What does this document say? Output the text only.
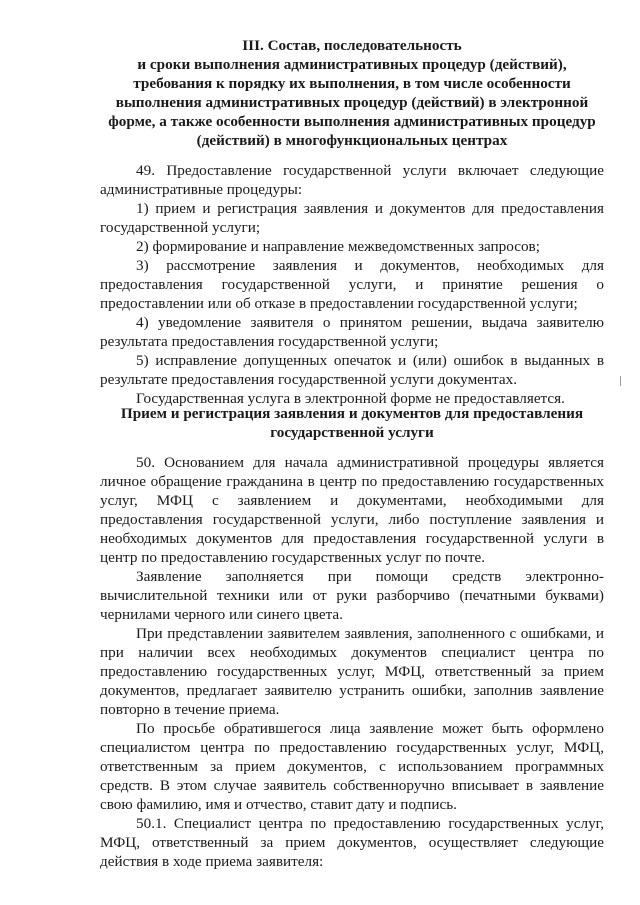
III. Состав, последовательность
и сроки выполнения административных процедур (действий),
требования к порядку их выполнения, в том числе особенности
выполнения административных процедур (действий) в электронной
форме, а также особенности выполнения административных процедур
(действий) в многофункциональных центрах

49. Предоставление государственной услуги включает следующие административные процедуры:

1) прием и регистрация заявления и документов для предоставления государственной услуги;

2) формирование и направление межведомственных запросов;

3) рассмотрение заявления и документов, необходимых для предоставления государственной услуги, и принятие решения о предоставлении или об отказе в предоставлении государственной услуги;

4) уведомление заявителя о принятом решении, выдача заявителю результата предоставления государственной услуги;

5) исправление допущенных опечаток и (или) ошибок в выданных в результате предоставления государственной услуги документах.

Государственная услуга в электронной форме не предоставляется.

Прием и регистрация заявления и документов для предоставления
государственной услуги

50. Основанием для начала административной процедуры является личное обращение гражданина в центр по предоставлению государственных услуг, МФЦ с заявлением и документами, необходимыми для предоставления государственной услуги, либо поступление заявления и необходимых документов для предоставления государственной услуги в центр по предоставлению государственных услуг по почте.

Заявление заполняется при помощи средств электронно-вычислительной техники или от руки разборчиво (печатными буквами) чернилами черного или синего цвета.

При представлении заявителем заявления, заполненного с ошибками, и при наличии всех необходимых документов специалист центра по предоставлению государственных услуг, МФЦ, ответственный за прием документов, предлагает заявителю устранить ошибки, заполнив заявление повторно в течение приема.

По просьбе обратившегося лица заявление может быть оформлено специалистом центра по предоставлению государственных услуг, МФЦ, ответственным за прием документов, с использованием программных средств. В этом случае заявитель собственноручно вписывает в заявление свою фамилию, имя и отчество, ставит дату и подпись.

50.1. Специалист центра по предоставлению государственных услуг, МФЦ, ответственный за прием документов, осуществляет следующие действия в ходе приема заявителя:
